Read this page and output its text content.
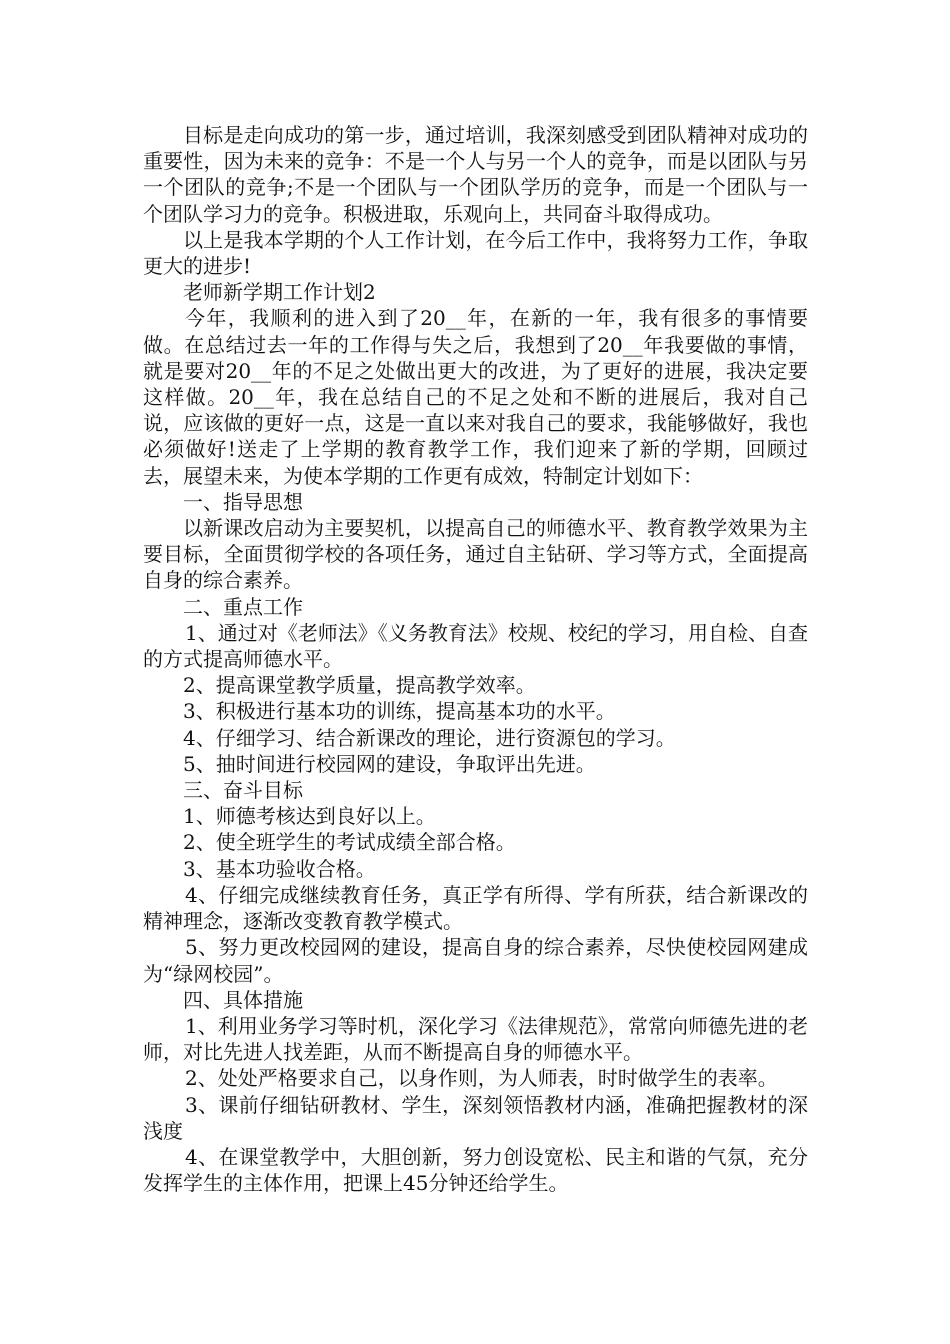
目标是走向成功的第一步，通过培训，我深刻感受到团队精神对成功的重要性，因为未来的竞争：不是一个人与另一个人的竞争，而是以团队与另一个团队的竞争;不是一个团队与一个团队学历的竞争，而是一个团队与一个团队学习力的竞争。积极进取，乐观向上，共同奋斗取得成功。

以上是我本学期的个人工作计划，在今后工作中，我将努力工作，争取更大的进步!

老师新学期工作计划2

今年，我顺利的进入到了20__年，在新的一年，我有很多的事情要做。在总结过去一年的工作得与失之后，我想到了20__年我要做的事情，就是要对20__年的不足之处做出更大的改进，为了更好的进展，我决定要这样做。20__年，我在总结自己的不足之处和不断的进展后，我对自己说，应该做的更好一点，这是一直以来对我自己的要求，我能够做好，我也必须做好!送走了上学期的教育教学工作，我们迎来了新的学期，回顾过去，展望未来，为使本学期的工作更有成效，特制定计划如下：

一、指导思想

以新课改启动为主要契机，以提高自己的师德水平、教育教学效果为主要目标，全面贯彻学校的各项任务，通过自主钻研、学习等方式，全面提高自身的综合素养。

二、重点工作

1、通过对《老师法》《义务教育法》校规、校纪的学习，用自检、自查的方式提高师德水平。

2、提高课堂教学质量，提高教学效率。

3、积极进行基本功的训练，提高基本功的水平。

4、仔细学习、结合新课改的理论，进行资源包的学习。

5、抽时间进行校园网的建设，争取评出先进。

三、奋斗目标

1、师德考核达到良好以上。

2、使全班学生的考试成绩全部合格。

3、基本功验收合格。

4、仔细完成继续教育任务，真正学有所得、学有所获，结合新课改的精神理念，逐渐改变教育教学模式。

5、努力更改校园网的建设，提高自身的综合素养，尽快使校园网建成为“绿网校园”。

四、具体措施

1、利用业务学习等时机，深化学习《法律规范》，常常向师德先进的老师，对比先进人找差距，从而不断提高自身的师德水平。

2、处处严格要求自己，以身作则，为人师表，时时做学生的表率。

3、课前仔细钻研教材、学生，深刻领悟教材内涵，准确把握教材的深浅度

4、在课堂教学中，大胆创新，努力创设宽松、民主和谐的气氛，充分发挥学生的主体作用，把课上45分钟还给学生。
